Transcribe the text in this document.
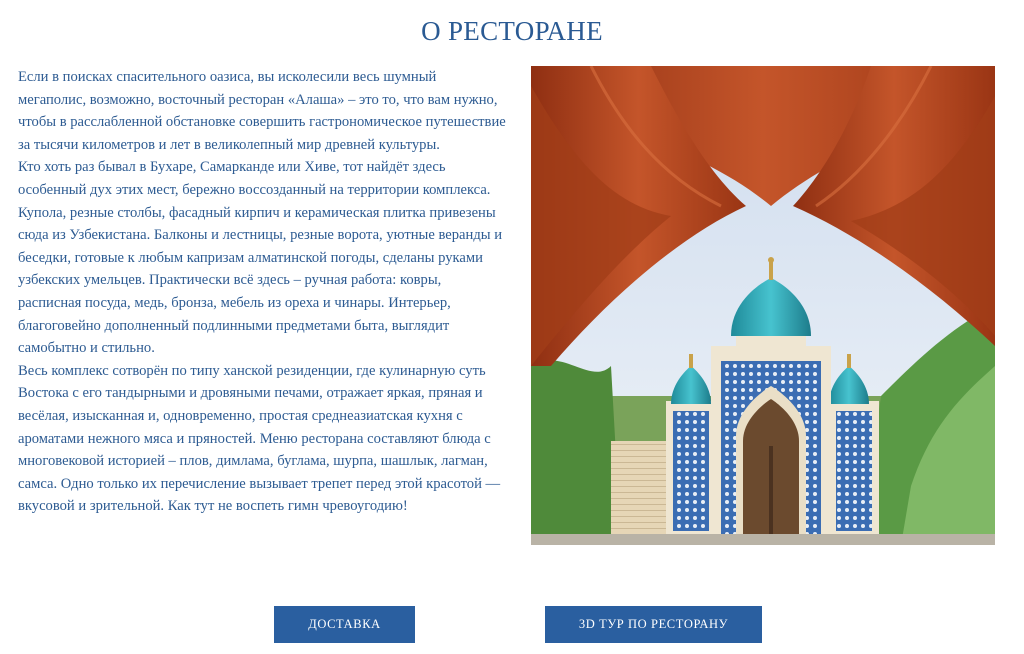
О РЕСТОРАНЕ

Если в поисках спасительного оазиса, вы исколесили весь шумный мегаполис, возможно, восточный ресторан «Алаша» – это то, что вам нужно, чтобы в расслабленной обстановке совершить гастрономическое путешествие за тысячи километров и лет в великолепный мир древней культуры.

Кто хоть раз бывал в Бухаре, Самарканде или Хиве, тот найдёт здесь особенный дух этих мест, бережно воссозданный на территории комплекса. Купола, резные столбы, фасадный кирпич и керамическая плитка привезены сюда из Узбекистана. Балконы и лестницы, резные ворота, уютные веранды и беседки, готовые к любым капризам алматинской погоды, сделаны руками узбекских умельцев. Практически всё здесь – ручная работа: ковры, расписная посуда, медь, бронза, мебель из ореха и чинары. Интерьер, благоговейно дополненный подлинными предметами быта, выглядит самобытно и стильно.

Весь комплекс сотворён по типу ханской резиденции, где кулинарную суть Востока с его тандырными и дровяными печами, отражает яркая, пряная и весёлая, изысканная и, одновременно, простая среднеазиатская кухня с ароматами нежного мяса и пряностей. Меню ресторана составляют блюда с многовековой историей – плов, димлама, буглама, шурпа, шашлык, лагман, самса. Одно только их перечисление вызывает трепет перед этой красотой — вкусовой и зрительной. Как тут не воспеть гимн чревоугодию!

ДОСТАВКА	3D ТУР ПО РЕСТОРАНУ
